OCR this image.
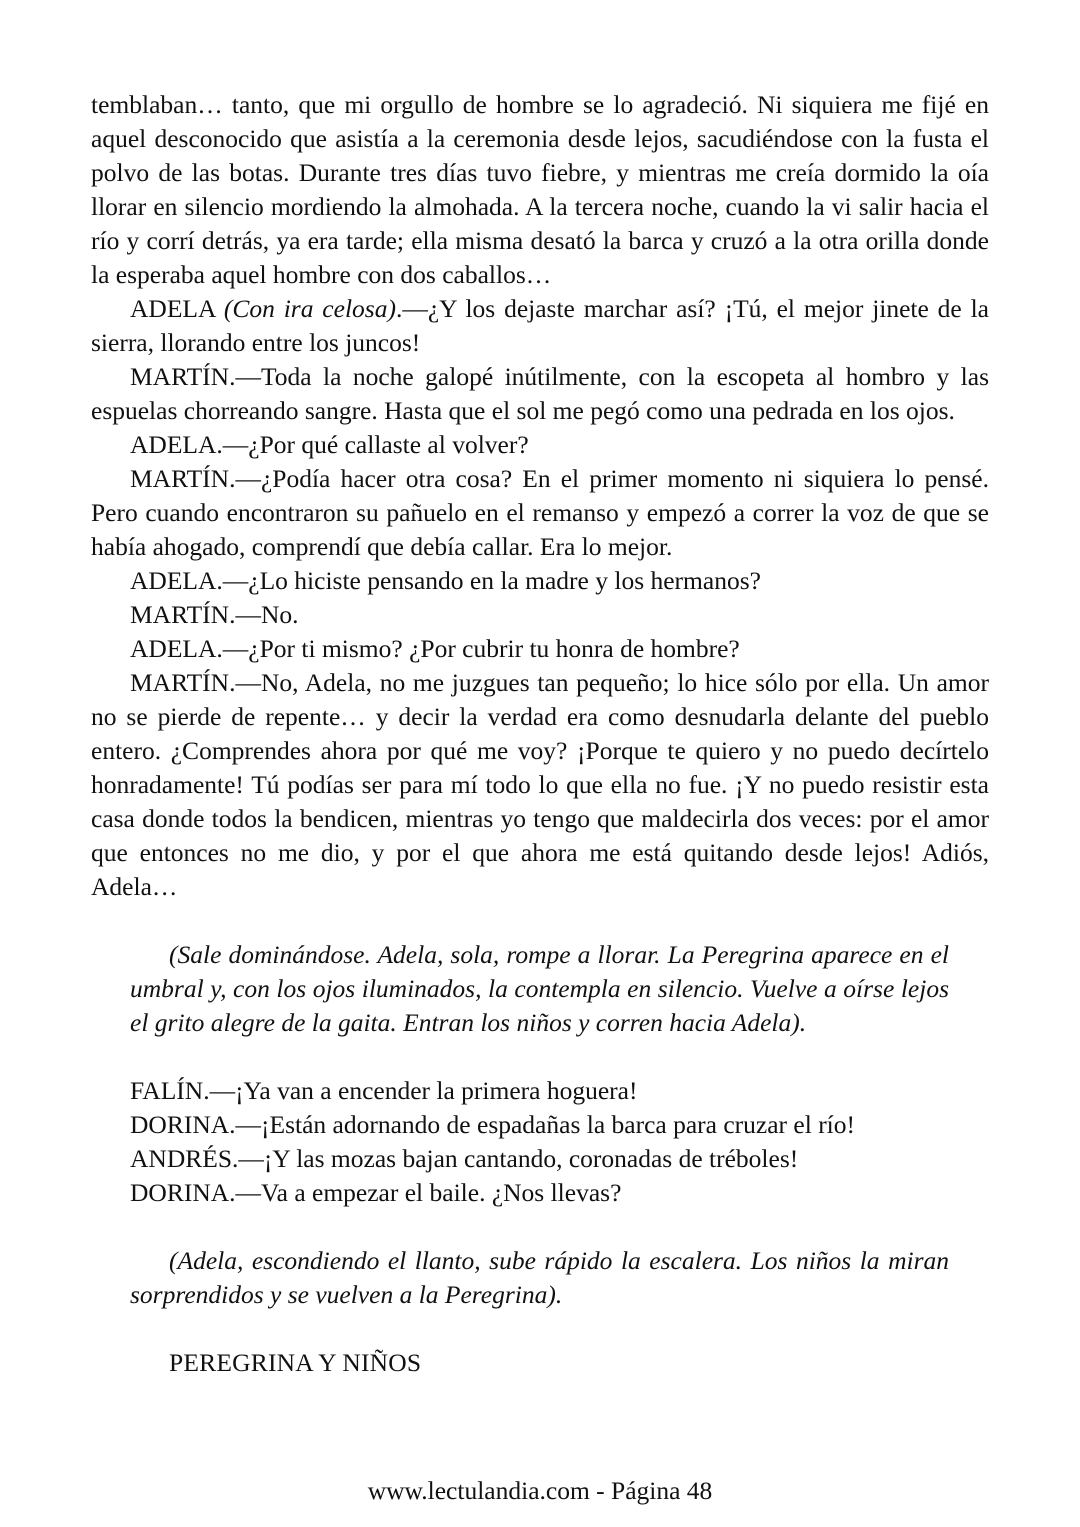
temblaban… tanto, que mi orgullo de hombre se lo agradeció. Ni siquiera me fijé en aquel desconocido que asistía a la ceremonia desde lejos, sacudiéndose con la fusta el polvo de las botas. Durante tres días tuvo fiebre, y mientras me creía dormido la oía llorar en silencio mordiendo la almohada. A la tercera noche, cuando la vi salir hacia el río y corrí detrás, ya era tarde; ella misma desató la barca y cruzó a la otra orilla donde la esperaba aquel hombre con dos caballos…

ADELA (Con ira celosa).—¿Y los dejaste marchar así? ¡Tú, el mejor jinete de la sierra, llorando entre los juncos!

MARTÍN.—Toda la noche galopé inútilmente, con la escopeta al hombro y las espuelas chorreando sangre. Hasta que el sol me pegó como una pedrada en los ojos.

ADELA.—¿Por qué callaste al volver?

MARTÍN.—¿Podía hacer otra cosa? En el primer momento ni siquiera lo pensé. Pero cuando encontraron su pañuelo en el remanso y empezó a correr la voz de que se había ahogado, comprendí que debía callar. Era lo mejor.

ADELA.—¿Lo hiciste pensando en la madre y los hermanos?

MARTÍN.—No.

ADELA.—¿Por ti mismo? ¿Por cubrir tu honra de hombre?

MARTÍN.—No, Adela, no me juzgues tan pequeño; lo hice sólo por ella. Un amor no se pierde de repente… y decir la verdad era como desnudarla delante del pueblo entero. ¿Comprendes ahora por qué me voy? ¡Porque te quiero y no puedo decírtelo honradamente! Tú podías ser para mí todo lo que ella no fue. ¡Y no puedo resistir esta casa donde todos la bendicen, mientras yo tengo que maldecirla dos veces: por el amor que entonces no me dio, y por el que ahora me está quitando desde lejos! Adiós, Adela…

(Sale dominándose. Adela, sola, rompe a llorar. La Peregrina aparece en el umbral y, con los ojos iluminados, la contempla en silencio. Vuelve a oírse lejos el grito alegre de la gaita. Entran los niños y corren hacia Adela).

FALÍN.—¡Ya van a encender la primera hoguera!

DORINA.—¡Están adornando de espadañas la barca para cruzar el río!

ANDRÉS.—¡Y las mozas bajan cantando, coronadas de tréboles!

DORINA.—Va a empezar el baile. ¿Nos llevas?

(Adela, escondiendo el llanto, sube rápido la escalera. Los niños la miran sorprendidos y se vuelven a la Peregrina).

PEREGRINA Y NIÑOS

www.lectulandia.com - Página 48
